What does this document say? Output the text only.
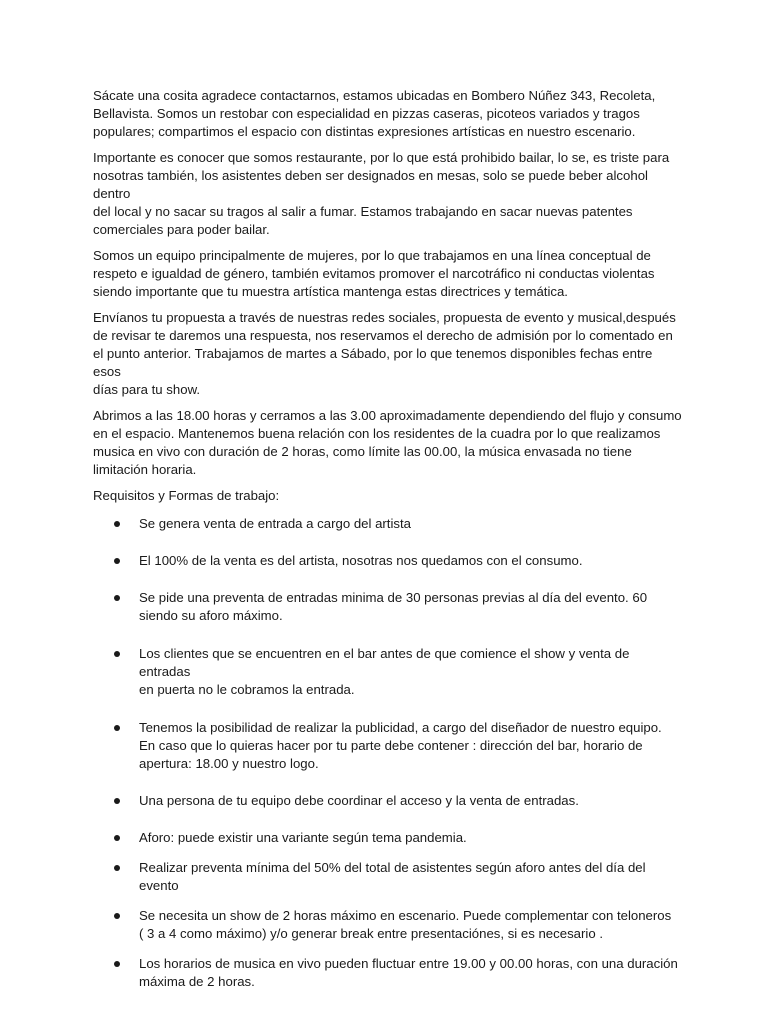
Sácate una cosita agradece contactarnos, estamos ubicadas en Bombero Núñez 343, Recoleta,
Bellavista. Somos un restobar con especialidad en pizzas caseras, picoteos variados y tragos
populares; compartimos el espacio con distintas expresiones artísticas en nuestro escenario.

Importante es conocer que somos restaurante, por lo que está prohibido bailar, lo se, es triste para
nosotras también, los asistentes deben ser designados en mesas, solo se puede beber alcohol dentro
del local y no sacar su tragos al salir a fumar. Estamos trabajando en sacar nuevas patentes
comerciales para poder bailar.

Somos un equipo principalmente de mujeres, por lo que trabajamos en una línea conceptual de
respeto e igualdad de género, también evitamos promover el narcotráfico ni conductas violentas
siendo importante que tu muestra artística mantenga estas directrices y temática.

Envíanos tu propuesta a través de nuestras redes sociales, propuesta de evento y musical,después
de revisar te daremos una respuesta, nos reservamos el derecho de admisión por lo comentado en
el punto anterior. Trabajamos de martes a Sábado, por lo que tenemos disponibles fechas entre esos
días para tu show.

Abrimos a las 18.00 horas y cerramos a las 3.00 aproximadamente dependiendo del flujo y consumo
en el espacio. Mantenemos buena relación con los residentes de la cuadra por lo que realizamos
musica en vivo con duración de 2 horas, como límite las 00.00, la música envasada no tiene
limitación horaria.

Requisitos y Formas de trabajo:

Se genera venta de entrada a cargo del artista
El 100% de la venta es del artista, nosotras nos quedamos con el consumo.
Se pide una preventa de entradas minima de 30 personas previas al día del evento. 60
siendo su aforo máximo.
Los clientes que se encuentren en el bar antes de que comience el show y venta de entradas
en puerta no le cobramos la entrada.
Tenemos la posibilidad de realizar la publicidad, a cargo del diseñador de nuestro equipo.
En caso que lo quieras hacer por tu parte debe contener : dirección del bar, horario de
apertura: 18.00 y nuestro logo.
Una persona de tu equipo debe coordinar el acceso y la venta de entradas.
Aforo: puede existir una variante según tema pandemia.
Realizar preventa mínima del 50% del total de asistentes según aforo antes del día del
evento
Se necesita un show de 2 horas máximo en escenario. Puede complementar con teloneros
( 3 a 4 como máximo) y/o generar break entre presentaciónes, si es necesario .
Los horarios de musica en vivo pueden fluctuar entre 19.00 y 00.00 horas, con una duración
máxima de 2 horas.
